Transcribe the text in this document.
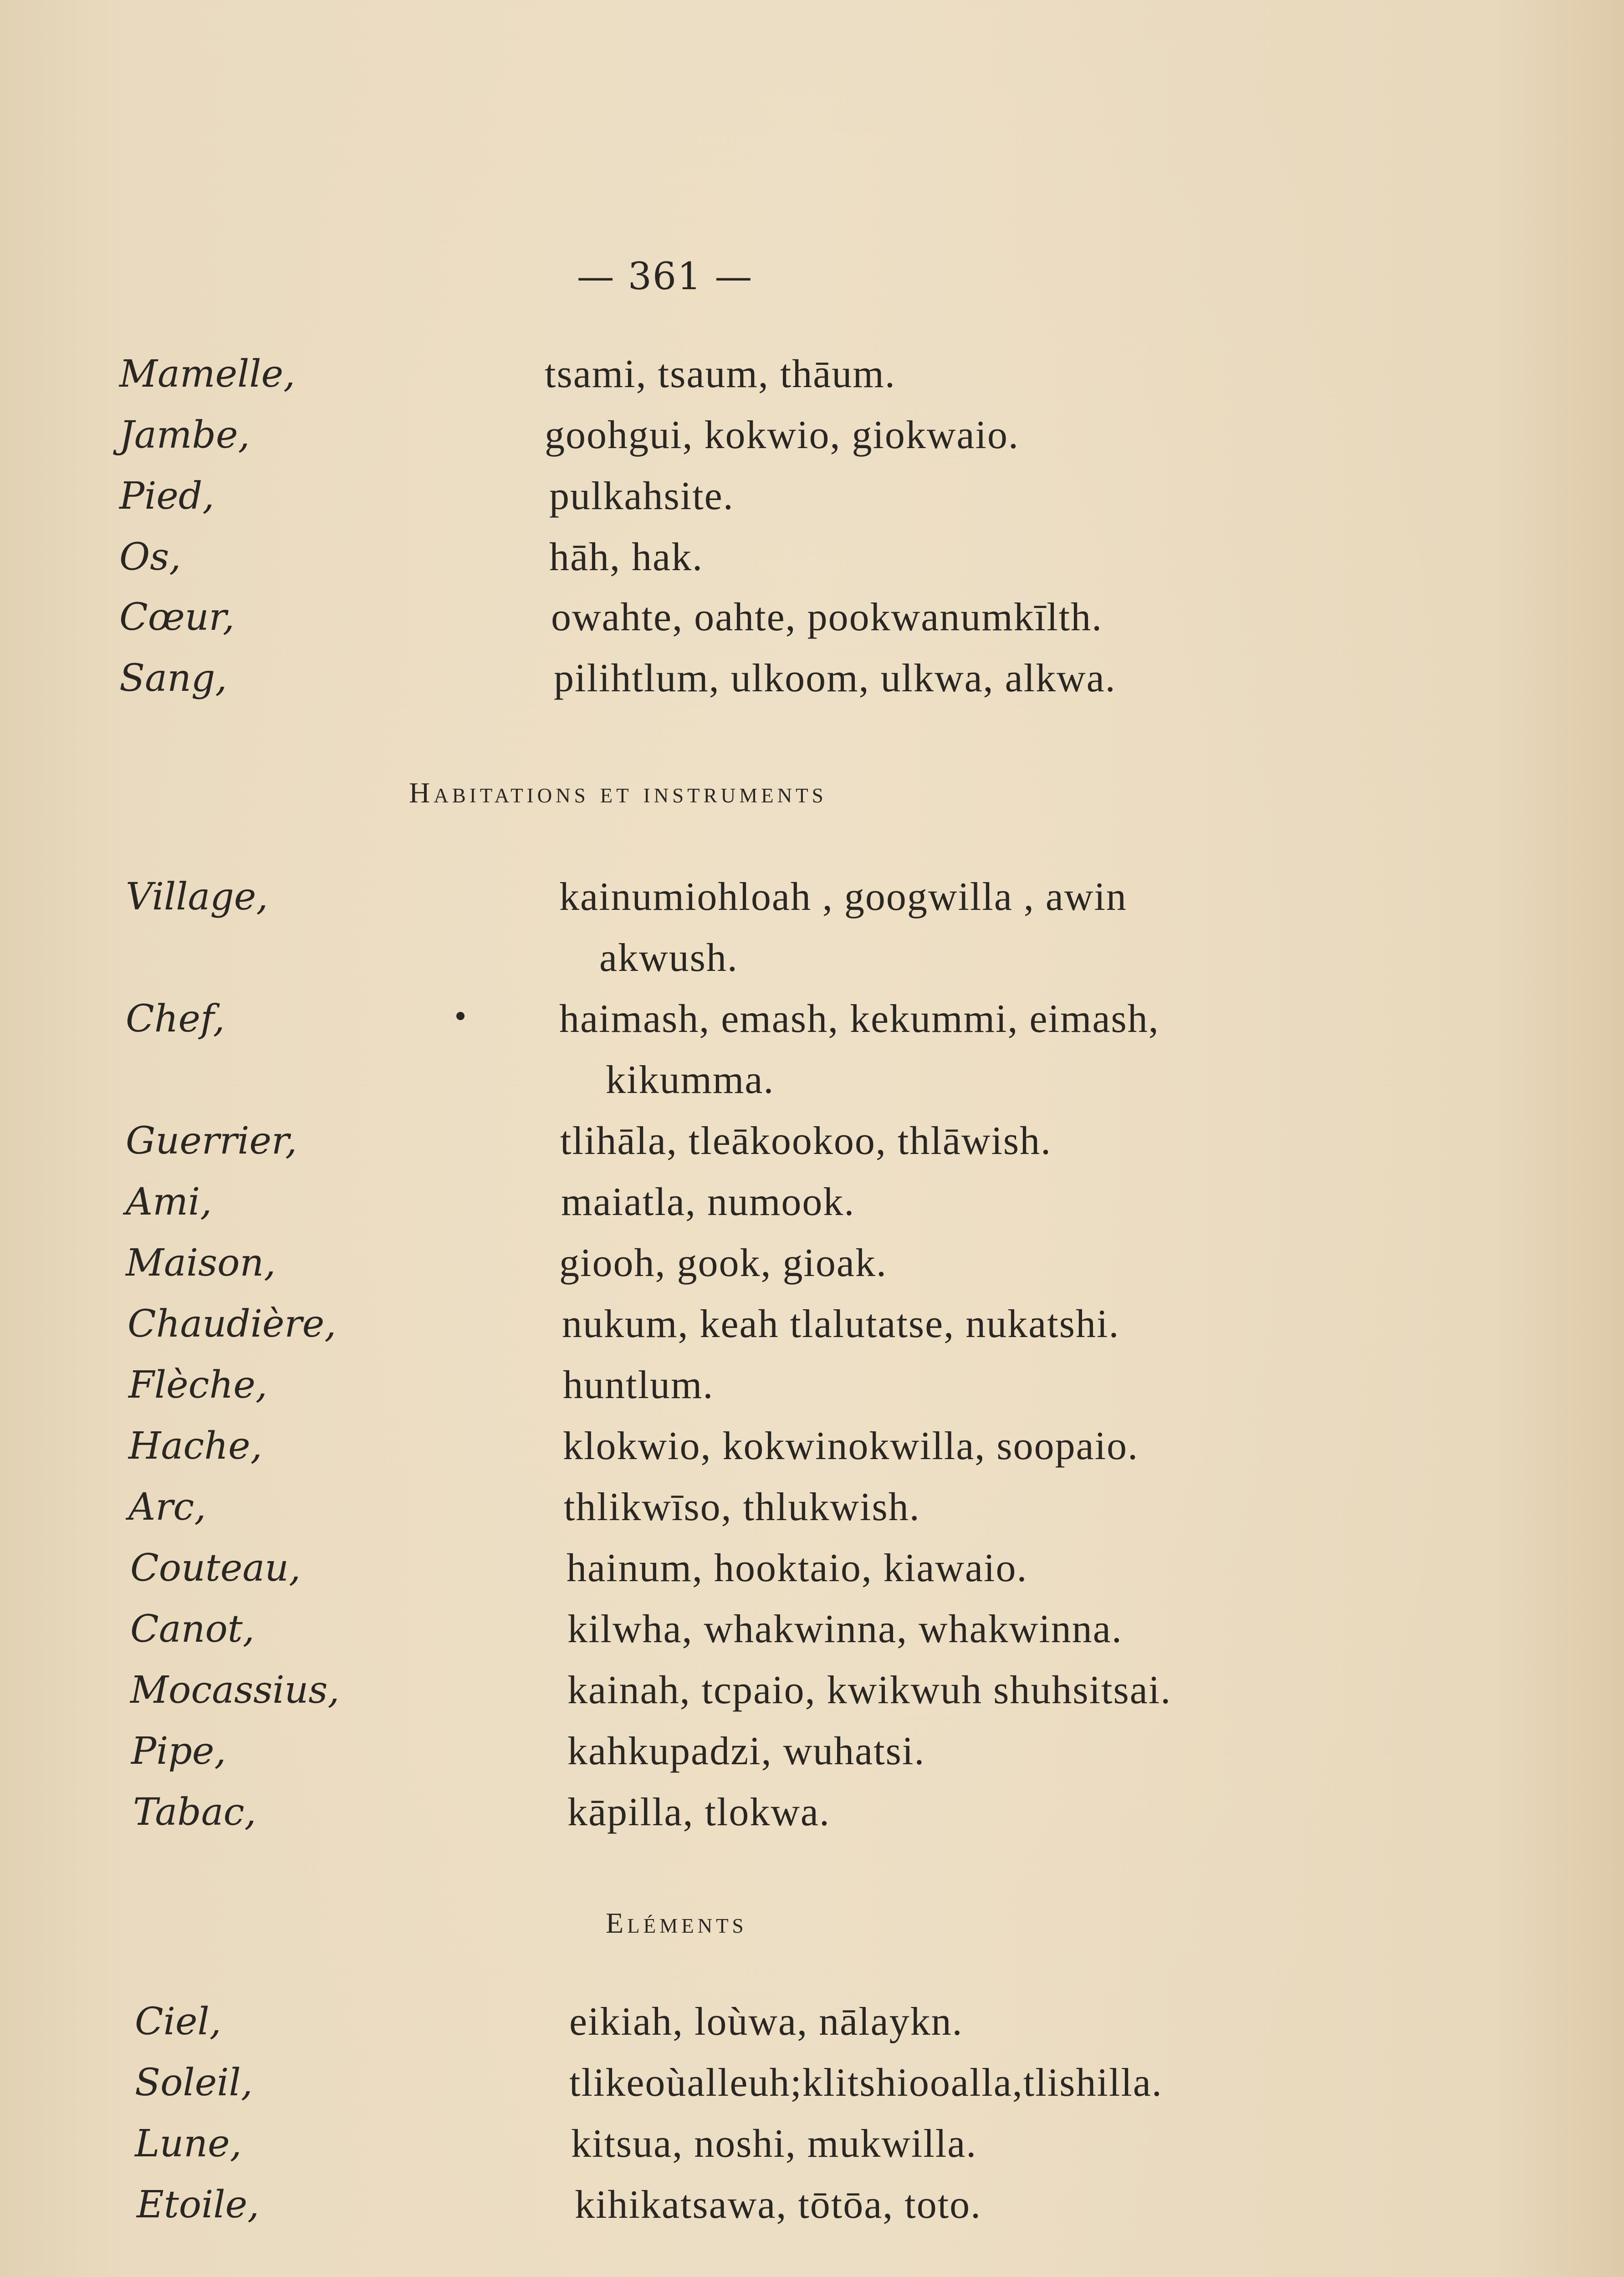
— 361 —
Mamelle,	tsami, tsaum, thāum.
Jambe,	goohgui, kokwio, giokwaio.
Pied,	pulkahsite.
Os,	hāh, hak.
Cœur,	owahte, oahte, pookwanumkīlth.
Sang,	pilihtlum, ulkoom, ulkwa, alkwa.
Habitations et instruments
Village,	kainumiohloah , googwilla , awin
akwush.
Chef,	haimash, emash, kekummi, eimash,
kikumma.
Guerrier,	tlihāla, tleākookoo, thlāwish.
Ami,	maiatla, numook.
Maison,	giooh, gook, gioak.
Chaudière,	nukum, keah tlalutatse, nukatshi.
Flèche,	huntlum.
Hache,	klokwio, kokwinokwilla, soopaio.
Arc,	thlikwīso, thlukwish.
Couteau,	hainum, hooktaio, kiawaio.
Canot,	kilwha, whakwinna, whakwinna.
Mocassius,	kainah, tcpaio, kwikwuh shuhsitsai.
Pipe,	kahkupadzi, wuhatsi.
Tabac,	kāpilla, tlokwa.
Eléments
Ciel,	eikiah, loùwa, nālaykn.
Soleil,	tlikeoùalleuh;klitshiooalla,tlishilla.
Lune,	kitsua, noshi, mukwilla.
Etoile,	kihikatsawa, tōtōa, toto.
